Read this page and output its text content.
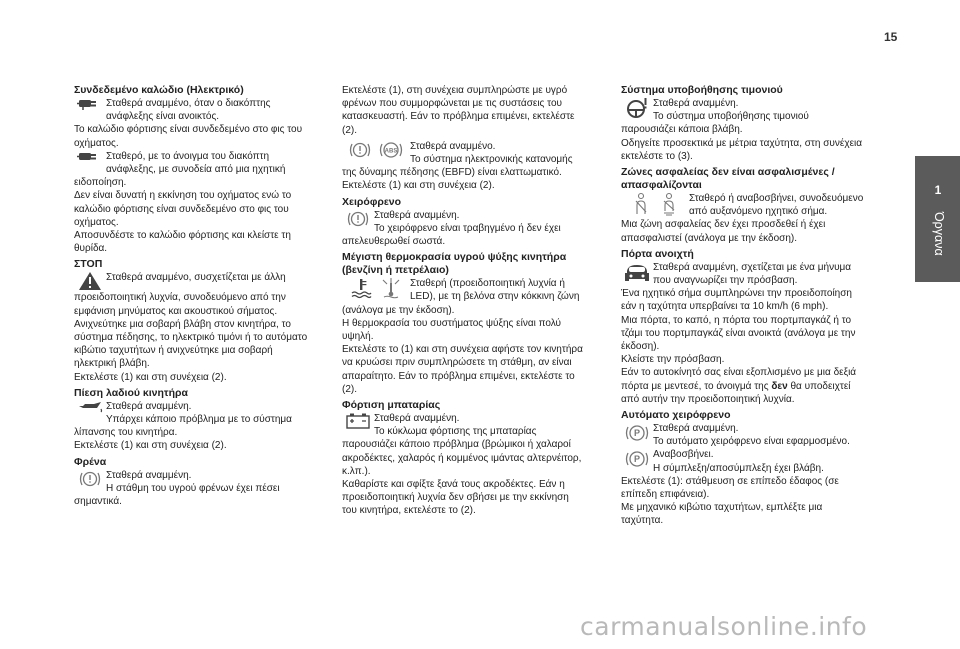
15
1
Όργανα
Συνδεδεμένο καλώδιο (Ηλεκτρικό)

Σταθερά αναμμένο, όταν ο διακόπτης

ανάφλεξης είναι ανοικτός.

Το καλώδιο φόρτισης είναι συνδεδεμένο στο φις του οχήματος.

Σταθερό, με το άνοιγμα του διακόπτη

ανάφλεξης, με συνοδεία από μια ηχητική

ειδοποίηση.

Δεν είναι δυνατή η εκκίνηση του οχήματος ενώ το καλώδιο φόρτισης είναι συνδεδεμένο στο φις του οχήματος.

Αποσυνδέστε το καλώδιο φόρτισης και κλείστε τη θυρίδα.

ΣΤΟΠ

Σταθερά αναμμένο, συσχετίζεται με άλλη

προειδοποιητική λυχνία, συνοδευόμενο από την εμφάνιση μηνύματος και ακουστικού σήματος.

Ανιχνεύτηκε μια σοβαρή βλάβη στον κινητήρα, το σύστημα πέδησης, το ηλεκτρικό τιμόνι ή το αυτόματο κιβώτιο ταχυτήτων ή ανιχνεύτηκε μια σοβαρή ηλεκτρική βλάβη.

Εκτελέστε (1) και στη συνέχεια (2).

Πίεση λαδιού κινητήρα

Σταθερά αναμμένη.

Υπάρχει κάποιο πρόβλημα με το σύστημα

λίπανσης του κινητήρα.

Εκτελέστε (1) και στη συνέχεια (2).

Φρένα

Σταθερά αναμμένη.

Η στάθμη του υγρού φρένων έχει πέσει

σημαντικά.

Εκτελέστε (1), στη συνέχεια συμπληρώστε με υγρό φρένων που συμμορφώνεται με τις συστάσεις του κατασκευαστή. Εάν το πρόβλημα επιμένει, εκτελέστε (2).

ABS Σταθερά αναμμένο.

Το σύστημα ηλεκτρονικής κατανομής

της δύναμης πέδησης (EBFD) είναι ελαττωματικό.

Εκτελέστε (1) και στη συνέχεια (2).

Χειρόφρενο

Σταθερά αναμμένη.

Το χειρόφρενο είναι τραβηγμένο ή δεν έχει

απελευθερωθεί σωστά.

Μέγιστη θερμοκρασία υγρού ψύξης κινητήρα (βενζίνη ή πετρέλαιο)

Σταθερή (προειδοποιητική λυχνία ή

LED), με τη βελόνα στην κόκκινη ζώνη

(ανάλογα με την έκδοση).

Η θερμοκρασία του συστήματος ψύξης είναι πολύ υψηλή.

Εκτελέστε το (1) και στη συνέχεια αφήστε τον κινητήρα να κρυώσει πριν συμπληρώσετε τη στάθμη, αν είναι απαραίτητο. Εάν το πρόβλημα επιμένει, εκτελέστε το (2).

Φόρτιση μπαταρίας

Σταθερά αναμμένη.

Το κύκλωμα φόρτισης της μπαταρίας

παρουσιάζει κάποιο πρόβλημα (βρώμικοι ή χαλαροί ακροδέκτες, χαλαρός ή κομμένος ιμάντας αλτερνέιτορ, κ.λπ.).

Καθαρίστε και σφίξτε ξανά τους ακροδέκτες. Εάν η προειδοποιητική λυχνία δεν σβήσει με την εκκίνηση του κινητήρα, εκτελέστε το (2).

Σύστημα υποβοήθησης τιμονιού

Σταθερά αναμμένη.

Το σύστημα υποβοήθησης τιμονιού

παρουσιάζει κάποια βλάβη.

Οδηγείτε προσεκτικά με μέτρια ταχύτητα, στη συνέχεια εκτελέστε το (3).

Ζώνες ασφαλείας δεν είναι ασφαλισμένες / απασφαλίζονται

Σταθερό ή αναβοσβήνει, συνοδευόμενο

από αυξανόμενο ηχητικό σήμα.

Μια ζώνη ασφαλείας δεν έχει προσδεθεί ή έχει απασφαλιστεί (ανάλογα με την έκδοση).

Πόρτα ανοιχτή

Σταθερά αναμμένη, σχετίζεται με ένα μήνυμα

που αναγνωρίζει την πρόσβαση.

Ένα ηχητικό σήμα συμπληρώνει την προειδοποίηση εάν η ταχύτητα υπερβαίνει τα 10 km/h (6 mph).

Μια πόρτα, το καπό, η πόρτα του πορτμπαγκάζ ή το τζάμι του πορτμπαγκάζ είναι ανοικτά (ανάλογα με την έκδοση).

Κλείστε την πρόσβαση.

Εάν το αυτοκίνητό σας είναι εξοπλισμένο με μια δεξιά πόρτα με μεντεσέ, το άνοιγμά της δεν θα υποδειχτεί από αυτήν την προειδοποιητική λυχνία.

Αυτόματο χειρόφρενο
P Σταθερά αναμμένη.

Το αυτόματο χειρόφρενο είναι εφαρμοσμένο.

P Αναβοσβήνει.

Η σύμπλεξη/αποσύμπλεξη έχει βλάβη.

Εκτελέστε (1): στάθμευση σε επίπεδο έδαφος (σε επίπεδη επιφάνεια).

Με μηχανικό κιβώτιο ταχυτήτων, εμπλέξτε μια ταχύτητα.

carmanualsonline.info
